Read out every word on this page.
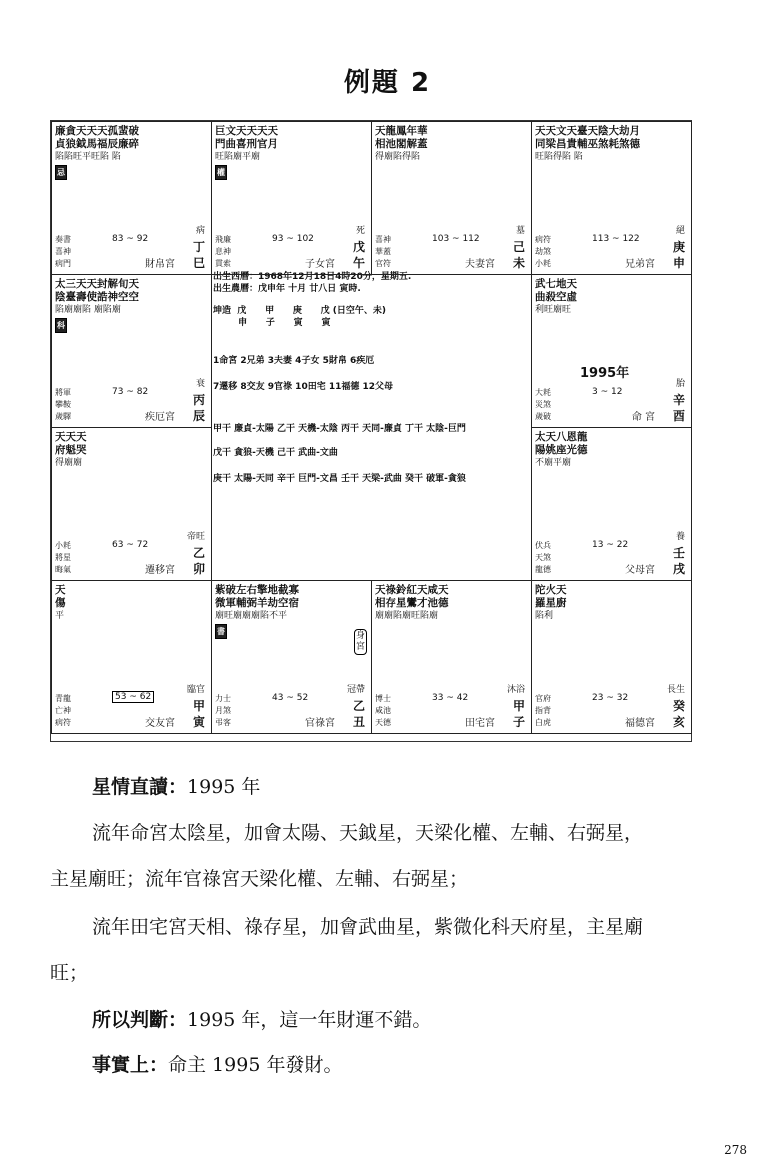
例題 2
出生西曆：1968年12月18日4時20分，星期五.
出生農曆：戊申年 十月 廿八日 寅時.
坤造  戊      甲      庚      戊 (日空午、未)
申      子      寅      寅
1命宮 2兄弟 3夫妻 4子女 5財帛 6疾厄
7遷移 8交友 9官祿 10田宅 11福德 12父母
甲干 廉貞-太陽 乙干 天機-太陰 丙干 天同-廉貞 丁干 太陰-巨門
戊干 貪狼-天機 己干 武曲-文曲
庚干 太陽-天同 辛干 巨門-文昌 壬干 天梁-武曲 癸干 破軍-貪狼
廉貪天天天孤蜚破
貞狼鉞馬福辰廉碎
陷陷旺平旺陷 陷
忌
奏書
喜神
病門
83 ~ 92
財帛宮
病
丁
巳
巨文天天天天
門曲喜刑官月
旺陷廟平廟
權
飛廉
息神
貫索
93 ~ 102
子女宮
死
戊
午
天龍鳳年華
相池閣解蓋
得廟陷得陷
喜神
華蓋
官符
103 ~ 112
夫妻宮
墓
己
未
天天文天臺天陰大劫月
同梁昌貴輔巫煞耗煞德
旺陷得陷 陷
病符
劫煞
小耗
113 ~ 122
兄弟宮
絕
庚
申
太三天天封解旬天
陰臺壽使誥神空空
陷廟廟陷 廟陷廟
科
將軍
攀鞍
歲驛
73 ~ 82
疾厄宮
衰
丙
辰
武七地天
曲殺空虛
利旺廟旺
1995年
大耗
災煞
歲破
3 ~ 12
命 宮
胎
辛
酉
天天天
府魁哭
得廟廟
小耗
將星
晦氣
63 ~ 72
遷移宮
帝旺
乙
卯
太天八恩龍
陽姚座光德
不廟平廟
伏兵
天煞
龍德
13 ~ 22
父母宮
養
壬
戌
天
傷
平
青龍
亡神
病符
53 ~ 62
交友宮
臨官
甲
寅
紫破左右擎地截寡
微軍輔弼羊劫空宿
廟旺廟廟廟陷不平
書	身宮
力士
月煞
弔客
43 ~ 52
官祿宮
冠帶
乙
丑
天祿鈴紅天咸天
相存星鸞才池德
廟廟陷廟旺陷廟
博士
咸池
天德
33 ~ 42
田宅宮
沐浴
甲
子
陀火天
羅星廚
陷利
官府
指背
白虎
23 ~ 32
福德宮
長生
癸
亥
星情直讀：1995 年
流年命宮太陰星，加會太陽、天鉞星，天梁化權、左輔、右弼星，
主星廟旺；流年官祿宮天梁化權、左輔、右弼星；
流年田宅宮天相、祿存星，加會武曲星，紫微化科天府星，主星廟
旺；
所以判斷：1995 年，這一年財運不錯。
事實上：命主 1995 年發財。
278
